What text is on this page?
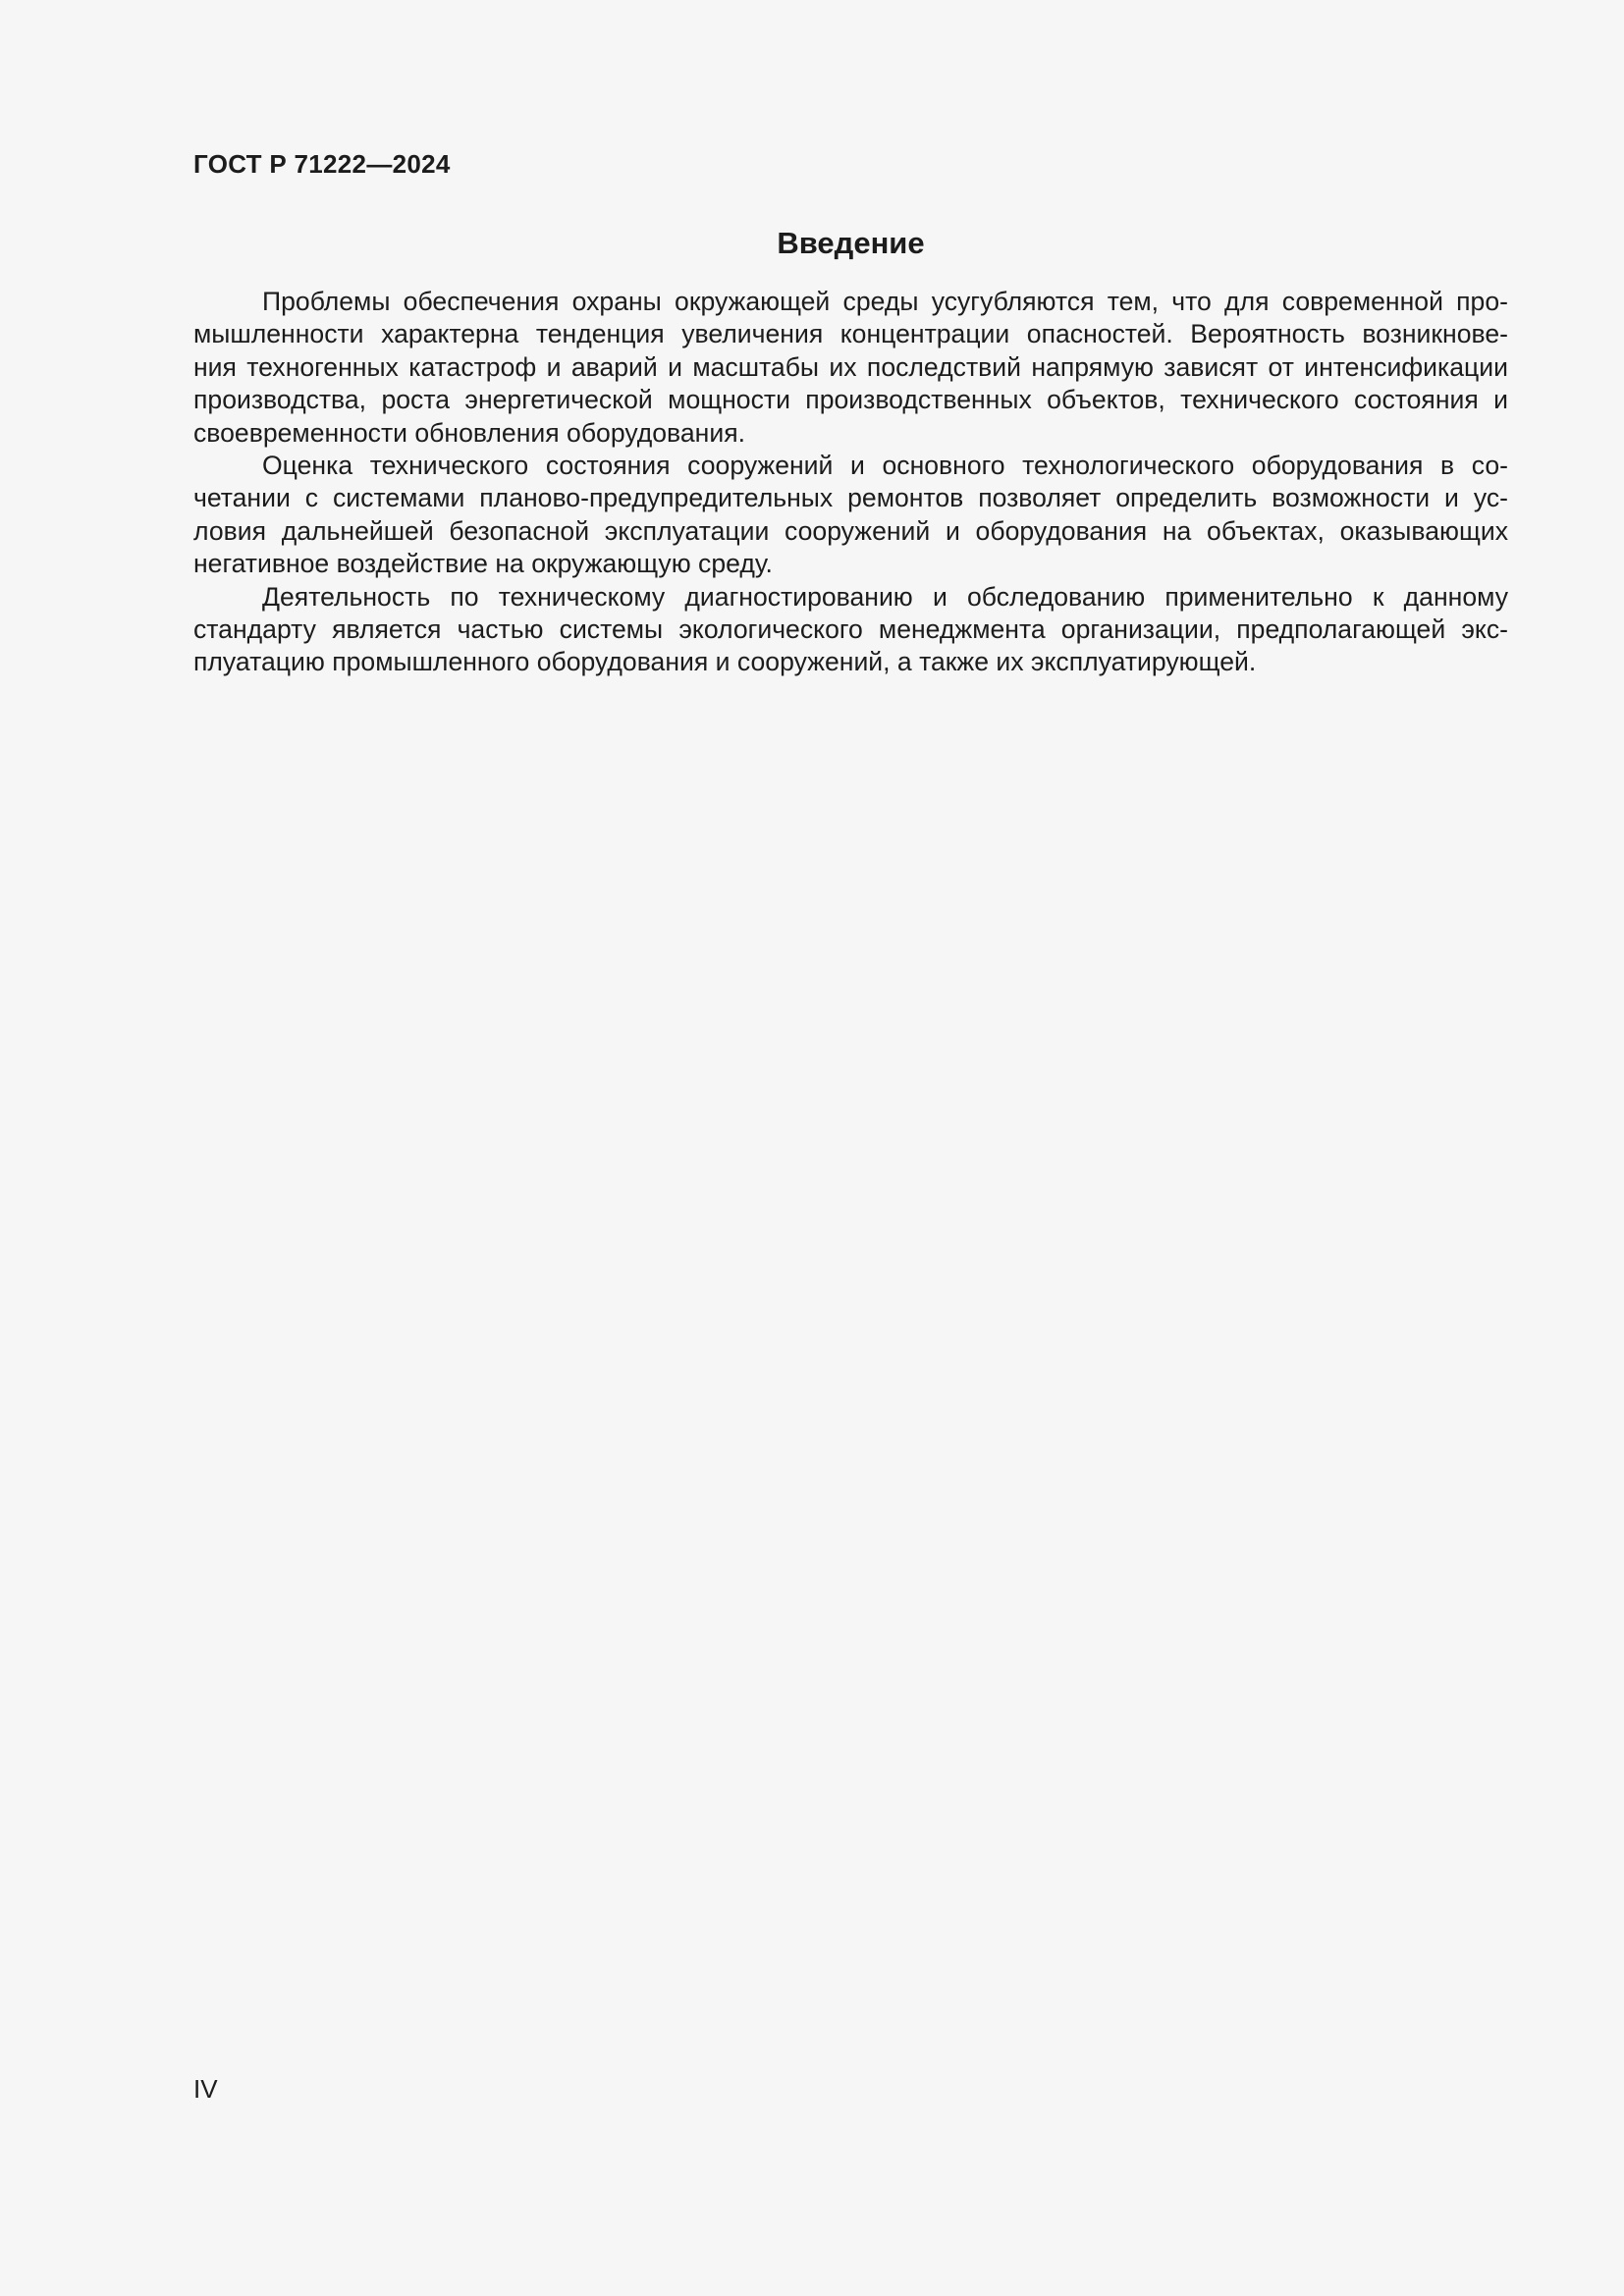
ГОСТ Р 71222—2024
Введение
Проблемы обеспечения охраны окружающей среды усугубляются тем, что для современной про-
мышленности характерна тенденция увеличения концентрации опасностей. Вероятность возникнове-
ния техногенных катастроф и аварий и масштабы их последствий напрямую зависят от интенсификации
производства, роста энергетической мощности производственных объектов, технического состояния и
своевременности обновления оборудования.
Оценка технического состояния сооружений и основного технологического оборудования в со-
четании с системами планово-предупредительных ремонтов позволяет определить возможности и ус-
ловия дальнейшей безопасной эксплуатации сооружений и оборудования на объектах, оказывающих
негативное воздействие на окружающую среду.
Деятельность по техническому диагностированию и обследованию применительно к данному
стандарту является частью системы экологического менеджмента организации, предполагающей экс-
плуатацию промышленного оборудования и сооружений, а также их эксплуатирующей.
IV
